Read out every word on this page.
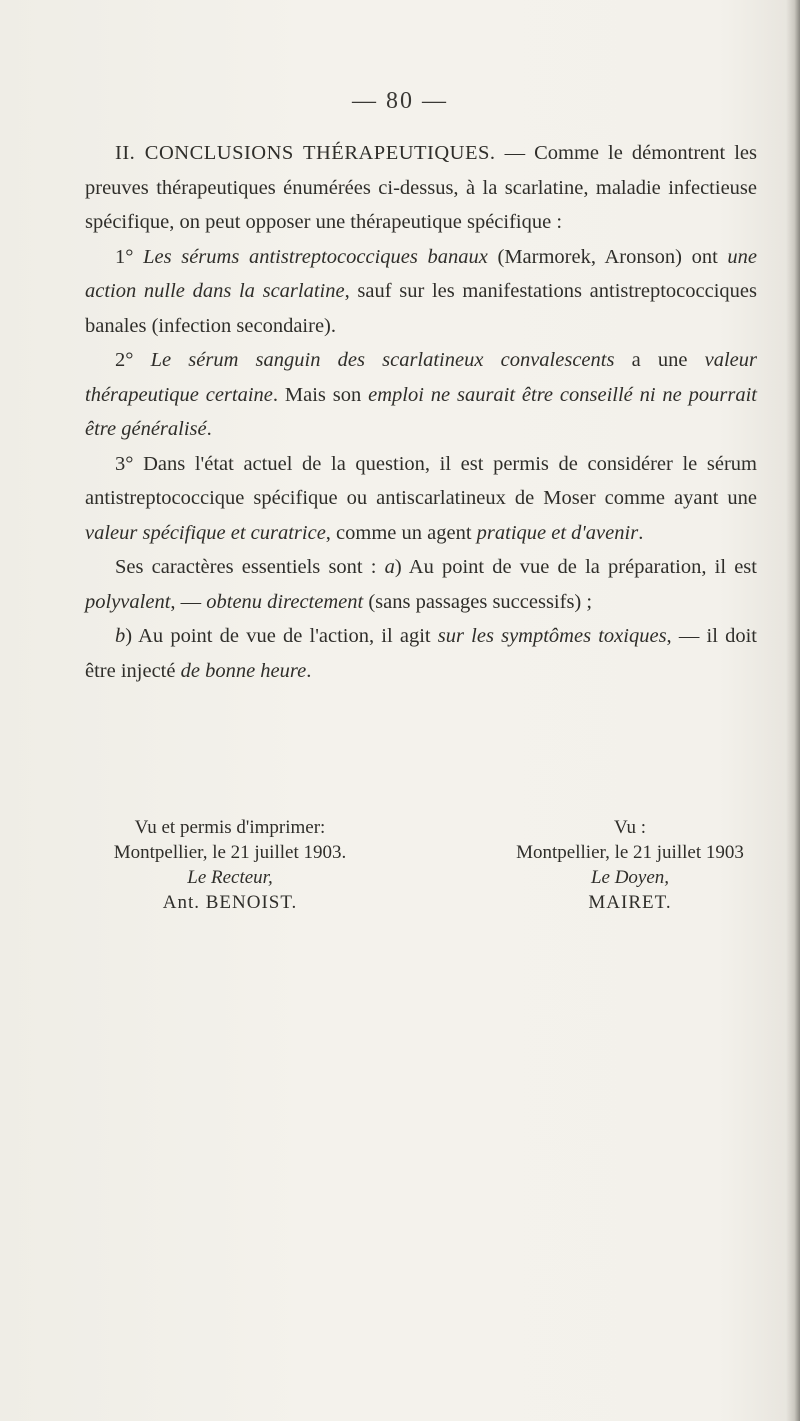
— 80 —

II. CONCLUSIONS THÉRAPEUTIQUES. — Comme le démontrent les preuves thérapeutiques énumérées ci-dessus, à la scarlatine, maladie infectieuse spécifique, on peut opposer une thérapeutique spécifique :

1° Les sérums antistreptococciques banaux (Marmorek, Aronson) ont une action nulle dans la scarlatine, sauf sur les manifestations antistreptococciques banales (infection secondaire).

2° Le sérum sanguin des scarlatineux convalescents a une valeur thérapeutique certaine. Mais son emploi ne saurait être conseillé ni ne pourrait être généralisé.

3° Dans l'état actuel de la question, il est permis de considérer le sérum antistreptococcique spécifique ou antiscarlatineux de Moser comme ayant une valeur spécifique et curatrice, comme un agent pratique et d'avenir.

Ses caractères essentiels sont : a) Au point de vue de la préparation, il est polyvalent, — obtenu directement (sans passages successifs) ;

b) Au point de vue de l'action, il agit sur les symptômes toxiques, — il doit être injecté de bonne heure.

Vu et permis d'imprimer:
Montpellier, le 21 juillet 1903.
Le Recteur,
Ant. BENOIST.
Vu :
Montpellier, le 21 juillet 1903
Le Doyen,
MAIRET.
